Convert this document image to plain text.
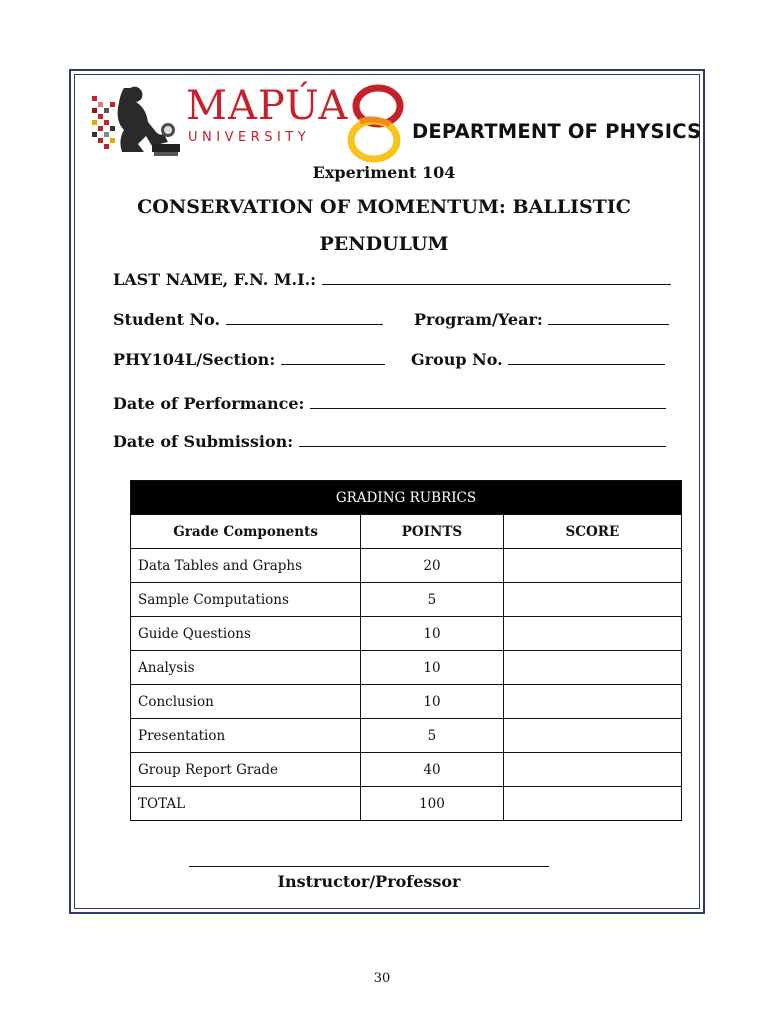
MAPÚA
UNIVERSITY	DEPARTMENT OF PHYSICS
Experiment 104
CONSERVATION OF MOMENTUM: BALLISTIC
PENDULUM
LAST NAME, F.N. M.I.:
Student No.	Program/Year:
PHY104L/Section:	Group No.
Date of Performance:
Date of Submission:
GRADING RUBRICS		
Grade Components	POINTS	SCORE
Data Tables and Graphs	20	
Sample Computations	5	
Guide Questions	10	
Analysis	10	
Conclusion	10	
Presentation	5	
Group Report Grade	40	
TOTAL	100	
Instructor/Professor
30
